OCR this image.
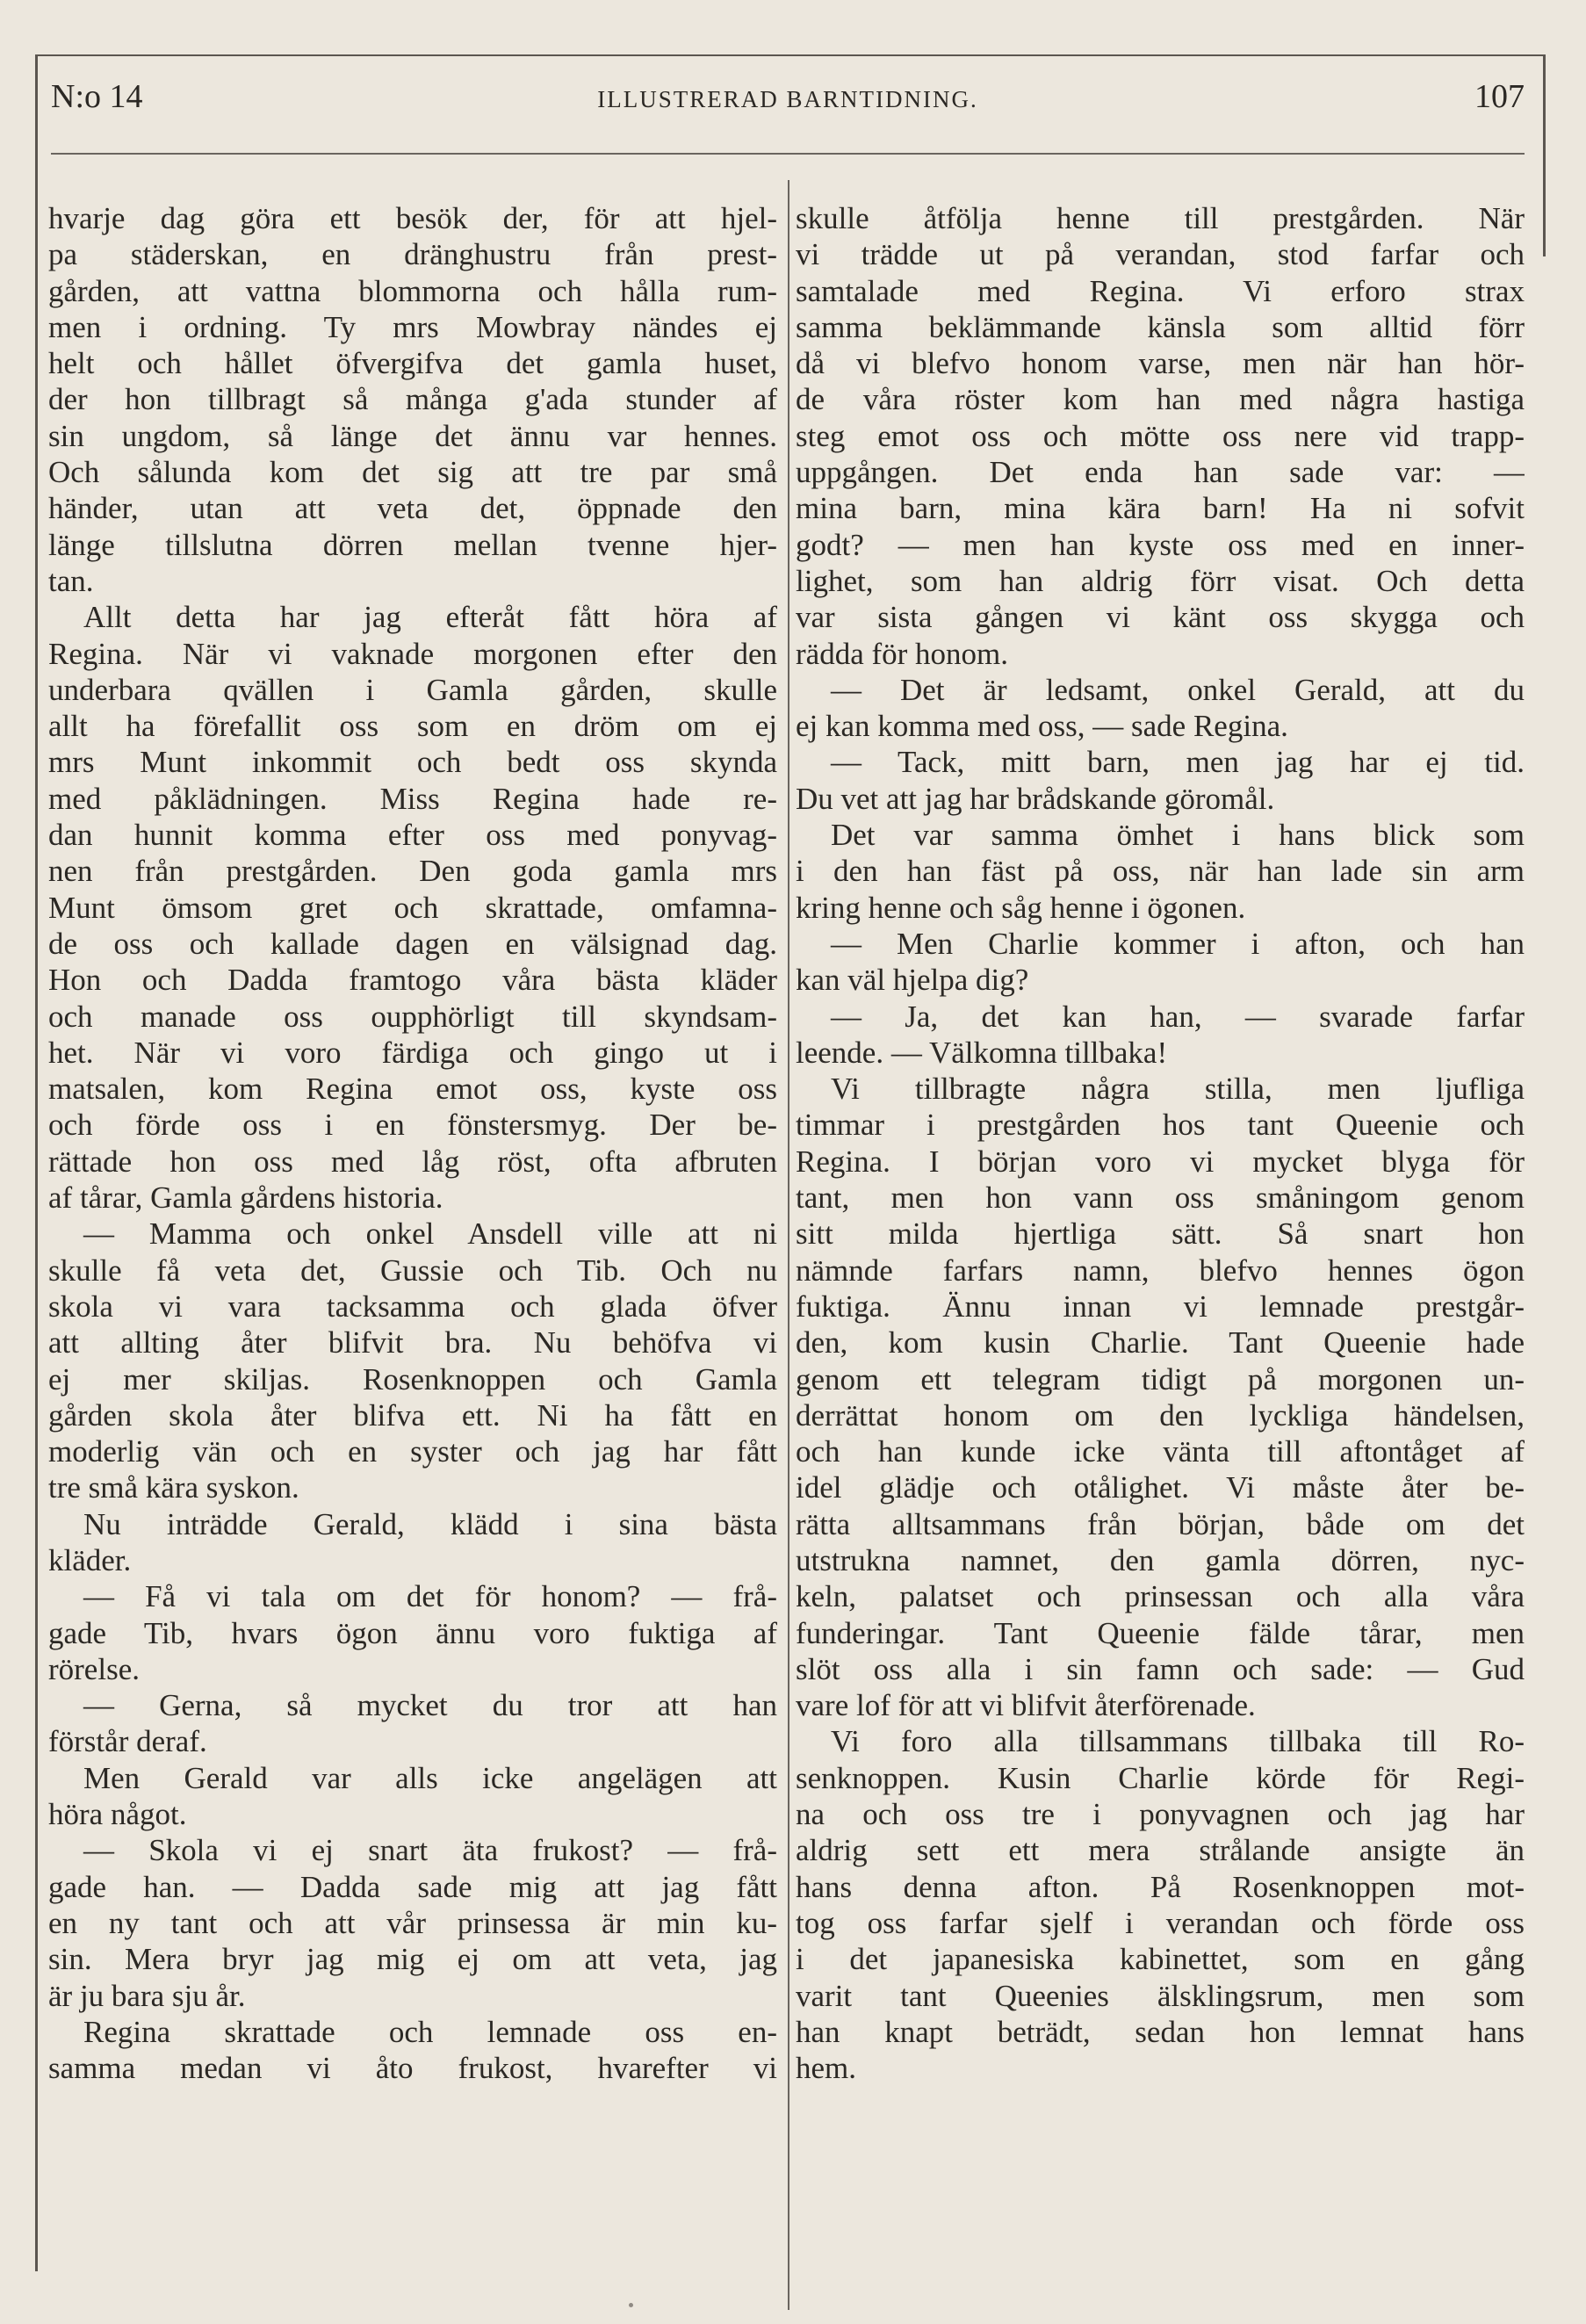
N:o 14	ILLUSTRERAD BARNTIDNING.	107
hvarje dag göra ett besök der, för att hjel-
pa städerskan, en dränghustru från prest-
gården, att vattna blommorna och hålla rum-
men i ordning. Ty mrs Mowbray nändes ej
helt och hållet öfvergifva det gamla huset,
der hon tillbragt så många g'ada stunder af
sin ungdom, så länge det ännu var hennes.
Och sålunda kom det sig att tre par små
händer, utan att veta det, öppnade den
länge tillslutna dörren mellan tvenne hjer-
tan.
Allt detta har jag efteråt fått höra af
Regina. När vi vaknade morgonen efter den
underbara qvällen i Gamla gården, skulle
allt ha förefallit oss som en dröm om ej
mrs Munt inkommit och bedt oss skynda
med påklädningen. Miss Regina hade re-
dan hunnit komma efter oss med ponyvag-
nen från prestgården. Den goda gamla mrs
Munt ömsom gret och skrattade, omfamna-
de oss och kallade dagen en välsignad dag.
Hon och Dadda framtogo våra bästa kläder
och manade oss oupphörligt till skyndsam-
het. När vi voro färdiga och gingo ut i
matsalen, kom Regina emot oss, kyste oss
och förde oss i en fönstersmyg. Der be-
rättade hon oss med låg röst, ofta afbruten
af tårar, Gamla gårdens historia.
— Mamma och onkel Ansdell ville att ni
skulle få veta det, Gussie och Tib. Och nu
skola vi vara tacksamma och glada öfver
att allting åter blifvit bra. Nu behöfva vi
ej mer skiljas. Rosenknoppen och Gamla
gården skola åter blifva ett. Ni ha fått en
moderlig vän och en syster och jag har fått
tre små kära syskon.
Nu inträdde Gerald, klädd i sina bästa
kläder.
— Få vi tala om det för honom? — frå-
gade Tib, hvars ögon ännu voro fuktiga af
rörelse.
— Gerna, så mycket du tror att han
förstår deraf.
Men Gerald var alls icke angelägen att
höra något.
— Skola vi ej snart äta frukost? — frå-
gade han. — Dadda sade mig att jag fått
en ny tant och att vår prinsessa är min ku-
sin. Mera bryr jag mig ej om att veta, jag
är ju bara sju år.
Regina skrattade och lemnade oss en-
samma medan vi åto frukost, hvarefter vi
skulle åtfölja henne till prestgården. När
vi trädde ut på verandan, stod farfar och
samtalade med Regina. Vi erforo strax
samma beklämmande känsla som alltid förr
då vi blefvo honom varse, men när han hör-
de våra röster kom han med några hastiga
steg emot oss och mötte oss nere vid trapp-
uppgången. Det enda han sade var: —
mina barn, mina kära barn! Ha ni sofvit
godt? — men han kyste oss med en inner-
lighet, som han aldrig förr visat. Och detta
var sista gången vi känt oss skygga och
rädda för honom.
— Det är ledsamt, onkel Gerald, att du
ej kan komma med oss, — sade Regina.
— Tack, mitt barn, men jag har ej tid.
Du vet att jag har brådskande göromål.
Det var samma ömhet i hans blick som
i den han fäst på oss, när han lade sin arm
kring henne och såg henne i ögonen.
— Men Charlie kommer i afton, och han
kan väl hjelpa dig?
— Ja, det kan han, — svarade farfar
leende. — Välkomna tillbaka!
Vi tillbragte några stilla, men ljufliga
timmar i prestgården hos tant Queenie och
Regina. I början voro vi mycket blyga för
tant, men hon vann oss småningom genom
sitt milda hjertliga sätt. Så snart hon
nämnde farfars namn, blefvo hennes ögon
fuktiga. Ännu innan vi lemnade prestgår-
den, kom kusin Charlie. Tant Queenie hade
genom ett telegram tidigt på morgonen un-
derrättat honom om den lyckliga händelsen,
och han kunde icke vänta till aftontåget af
idel glädje och otålighet. Vi måste åter be-
rätta alltsammans från början, både om det
utstrukna namnet, den gamla dörren, nyc-
keln, palatset och prinsessan och alla våra
funderingar. Tant Queenie fälde tårar, men
slöt oss alla i sin famn och sade: — Gud
vare lof för att vi blifvit återförenade.
Vi foro alla tillsammans tillbaka till Ro-
senknoppen. Kusin Charlie körde för Regi-
na och oss tre i ponyvagnen och jag har
aldrig sett ett mera strålande ansigte än
hans denna afton. På Rosenknoppen mot-
tog oss farfar sjelf i verandan och förde oss
i det japanesiska kabinettet, som en gång
varit tant Queenies älsklingsrum, men som
han knapt beträdt, sedan hon lemnat hans
hem.
